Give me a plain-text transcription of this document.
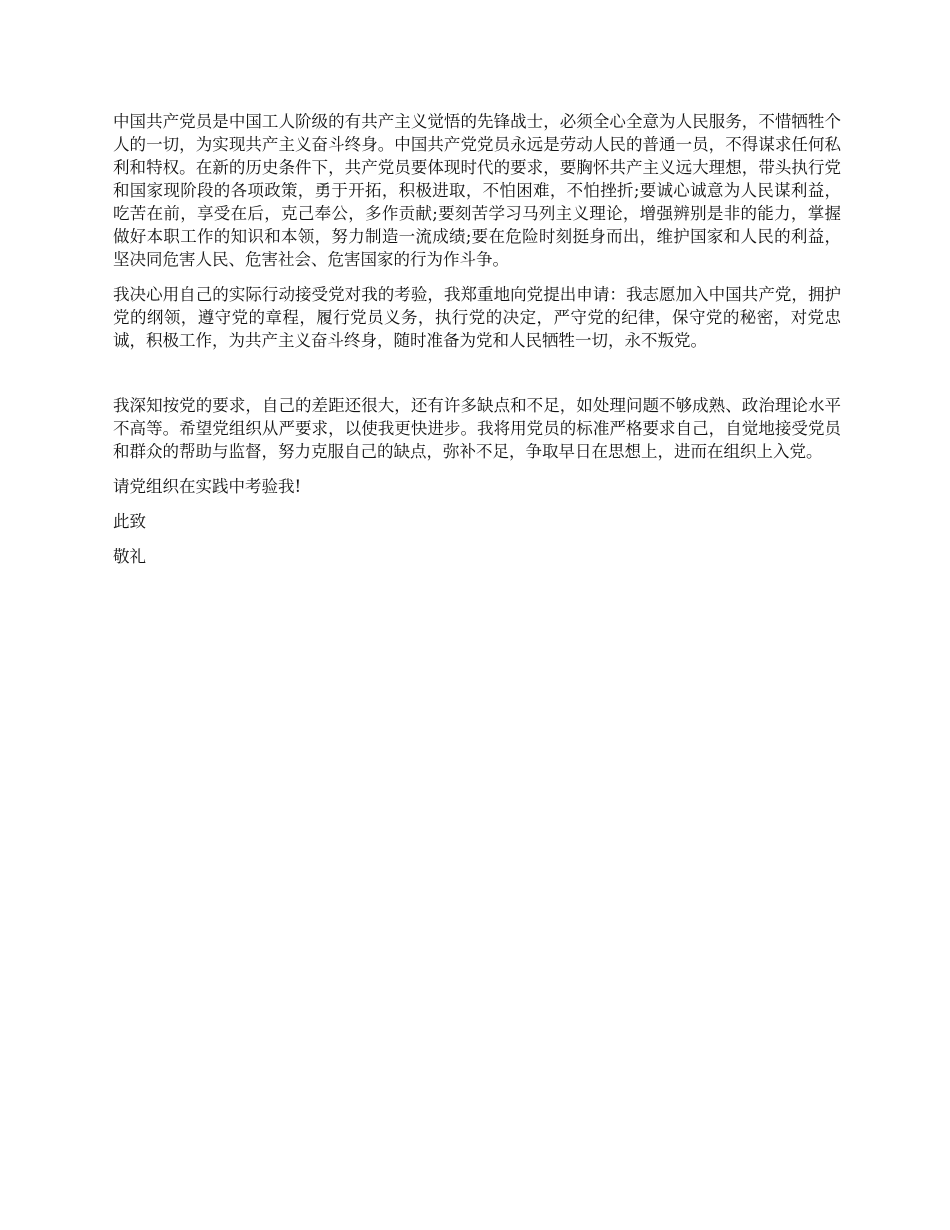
中国共产党员是中国工人阶级的有共产主义觉悟的先锋战士，必须全心全意为人民服务，不惜牺牲个人的一切，为实现共产主义奋斗终身。中国共产党党员永远是劳动人民的普通一员，不得谋求任何私利和特权。在新的历史条件下，共产党员要体现时代的要求，要胸怀共产主义远大理想，带头执行党和国家现阶段的各项政策，勇于开拓，积极进取，不怕困难，不怕挫折;要诚心诚意为人民谋利益，吃苦在前，享受在后，克己奉公，多作贡献;要刻苦学习马列主义理论，增强辨别是非的能力，掌握做好本职工作的知识和本领，努力制造一流成绩;要在危险时刻挺身而出，维护国家和人民的利益，坚决同危害人民、危害社会、危害国家的行为作斗争。

我决心用自己的实际行动接受党对我的考验，我郑重地向党提出申请：我志愿加入中国共产党，拥护党的纲领，遵守党的章程，履行党员义务，执行党的决定，严守党的纪律，保守党的秘密，对党忠诚，积极工作，为共产主义奋斗终身，随时准备为党和人民牺牲一切，永不叛党。

我深知按党的要求，自己的差距还很大，还有许多缺点和不足，如处理问题不够成熟、政治理论水平不高等。希望党组织从严要求，以使我更快进步。我将用党员的标准严格要求自己，自觉地接受党员和群众的帮助与监督，努力克服自己的缺点，弥补不足，争取早日在思想上，进而在组织上入党。

请党组织在实践中考验我!

此致

敬礼
